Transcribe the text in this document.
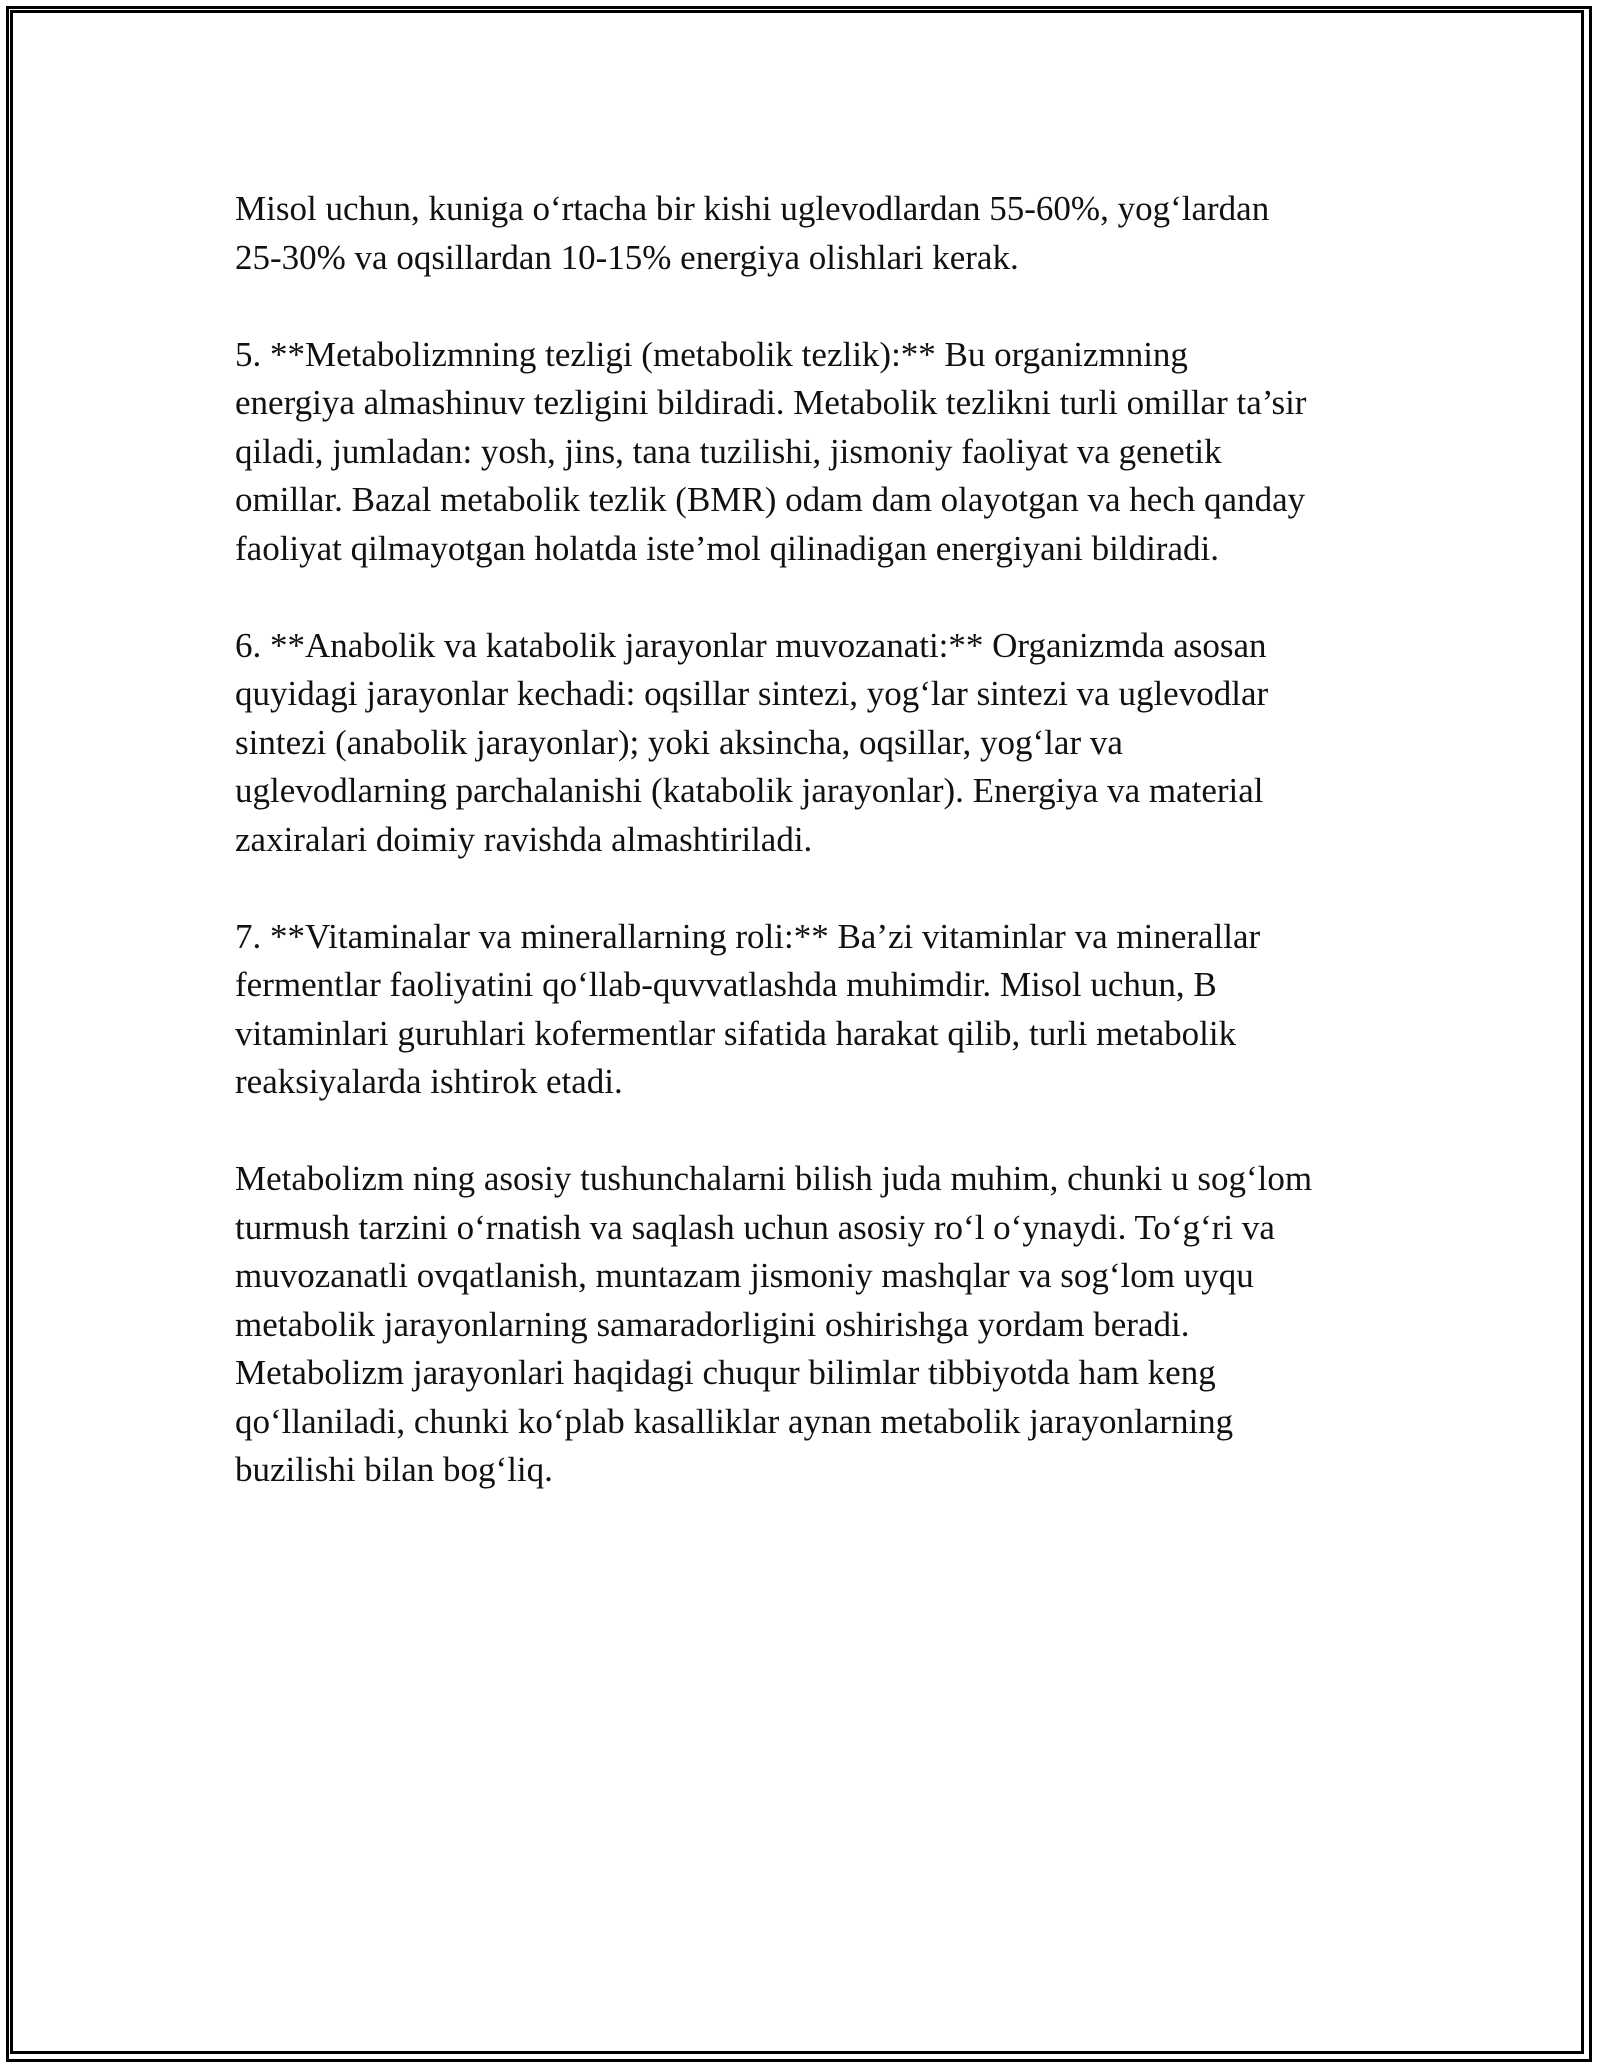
Misol uchun, kuniga oʻrtacha bir kishi uglevodlardan 55-60%, yogʻlardan
25-30% va oqsillardan 10-15% energiya olishlari kerak.

5. **Metabolizmning tezligi (metabolik tezlik):** Bu organizmning
energiya almashinuv tezligini bildiradi. Metabolik tezlikni turli omillar ta’sir
qiladi, jumladan: yosh, jins, tana tuzilishi, jismoniy faoliyat va genetik
omillar. Bazal metabolik tezlik (BMR) odam dam olayotgan va hech qanday
faoliyat qilmayotgan holatda iste’mol qilinadigan energiyani bildiradi.

6. **Anabolik va katabolik jarayonlar muvozanati:** Organizmda asosan
quyidagi jarayonlar kechadi: oqsillar sintezi, yogʻlar sintezi va uglevodlar
sintezi (anabolik jarayonlar); yoki aksincha, oqsillar, yogʻlar va
uglevodlarning parchalanishi (katabolik jarayonlar). Energiya va material
zaxiralari doimiy ravishda almashtiriladi.

7. **Vitaminalar va minerallarning roli:** Ba’zi vitaminlar va minerallar
fermentlar faoliyatini qoʻllab-quvvatlashda muhimdir. Misol uchun, B
vitaminlari guruhlari kofermentlar sifatida harakat qilib, turli metabolik
reaksiyalarda ishtirok etadi.

Metabolizm ning asosiy tushunchalarni bilish juda muhim, chunki u sogʻlom
turmush tarzini oʻrnatish va saqlash uchun asosiy roʻl oʻynaydi. Toʻgʻri va
muvozanatli ovqatlanish, muntazam jismoniy mashqlar va sogʻlom uyqu
metabolik jarayonlarning samaradorligini oshirishga yordam beradi.
Metabolizm jarayonlari haqidagi chuqur bilimlar tibbiyotda ham keng
qoʻllaniladi, chunki koʻplab kasalliklar aynan metabolik jarayonlarning
buzilishi bilan bogʻliq.
